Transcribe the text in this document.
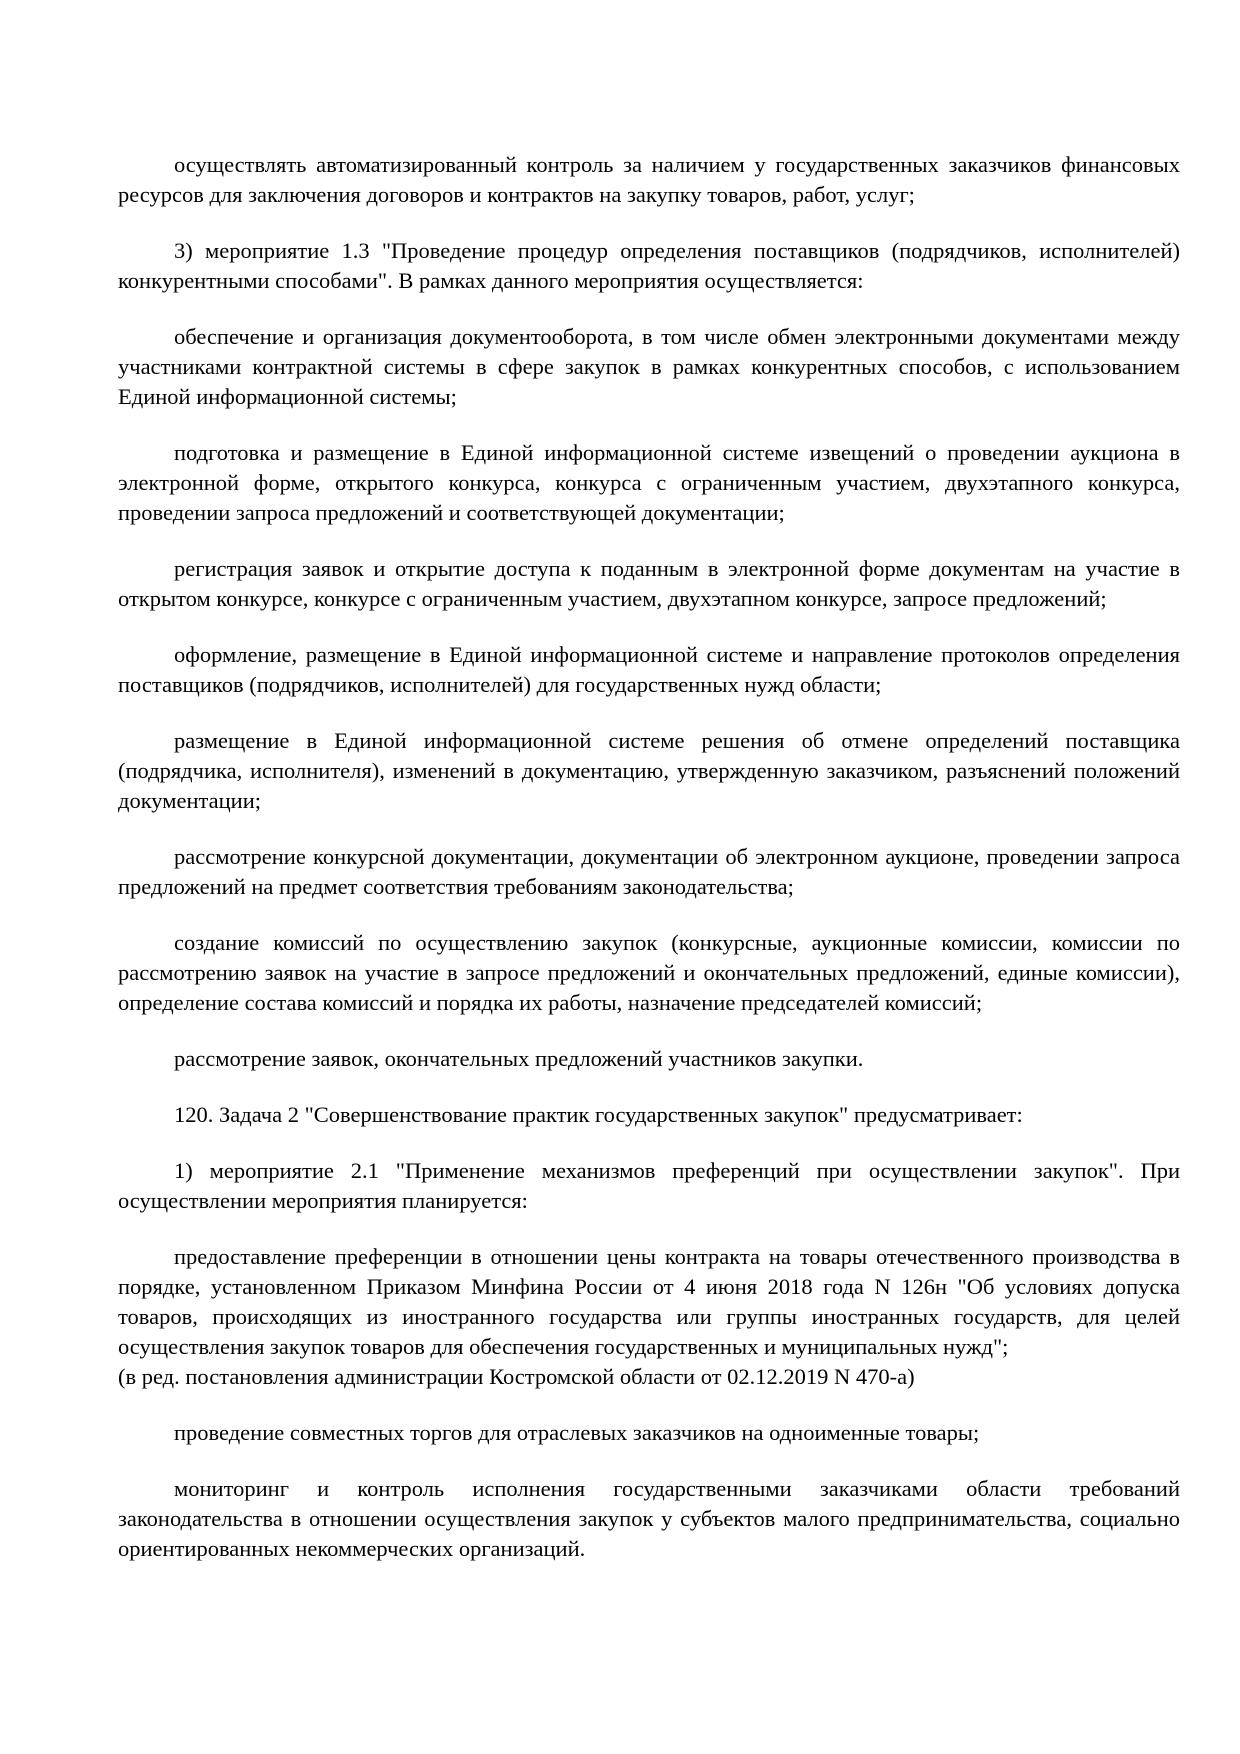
осуществлять автоматизированный контроль за наличием у государственных заказчиков финансовых ресурсов для заключения договоров и контрактов на закупку товаров, работ, услуг;

3) мероприятие 1.3 "Проведение процедур определения поставщиков (подрядчиков, исполнителей) конкурентными способами". В рамках данного мероприятия осуществляется:

обеспечение и организация документооборота, в том числе обмен электронными документами между участниками контрактной системы в сфере закупок в рамках конкурентных способов, с использованием Единой информационной системы;

подготовка и размещение в Единой информационной системе извещений о проведении аукциона в электронной форме, открытого конкурса, конкурса с ограниченным участием, двухэтапного конкурса, проведении запроса предложений и соответствующей документации;

регистрация заявок и открытие доступа к поданным в электронной форме документам на участие в открытом конкурсе, конкурсе с ограниченным участием, двухэтапном конкурсе, запросе предложений;

оформление, размещение в Единой информационной системе и направление протоколов определения поставщиков (подрядчиков, исполнителей) для государственных нужд области;

размещение в Единой информационной системе решения об отмене определений поставщика (подрядчика, исполнителя), изменений в документацию, утвержденную заказчиком, разъяснений положений документации;

рассмотрение конкурсной документации, документации об электронном аукционе, проведении запроса предложений на предмет соответствия требованиям законодательства;

создание комиссий по осуществлению закупок (конкурсные, аукционные комиссии, комиссии по рассмотрению заявок на участие в запросе предложений и окончательных предложений, единые комиссии), определение состава комиссий и порядка их работы, назначение председателей комиссий;

рассмотрение заявок, окончательных предложений участников закупки.

120. Задача 2 "Совершенствование практик государственных закупок" предусматривает:

1) мероприятие 2.1 "Применение механизмов преференций при осуществлении закупок". При осуществлении мероприятия планируется:

предоставление преференции в отношении цены контракта на товары отечественного производства в порядке, установленном Приказом Минфина России от 4 июня 2018 года N 126н "Об условиях допуска товаров, происходящих из иностранного государства или группы иностранных государств, для целей осуществления закупок товаров для обеспечения государственных и муниципальных нужд";

(в ред. постановления администрации Костромской области от 02.12.2019 N 470-а)

проведение совместных торгов для отраслевых заказчиков на одноименные товары;

мониторинг и контроль исполнения государственными заказчиками области требований законодательства в отношении осуществления закупок у субъектов малого предпринимательства, социально ориентированных некоммерческих организаций.
